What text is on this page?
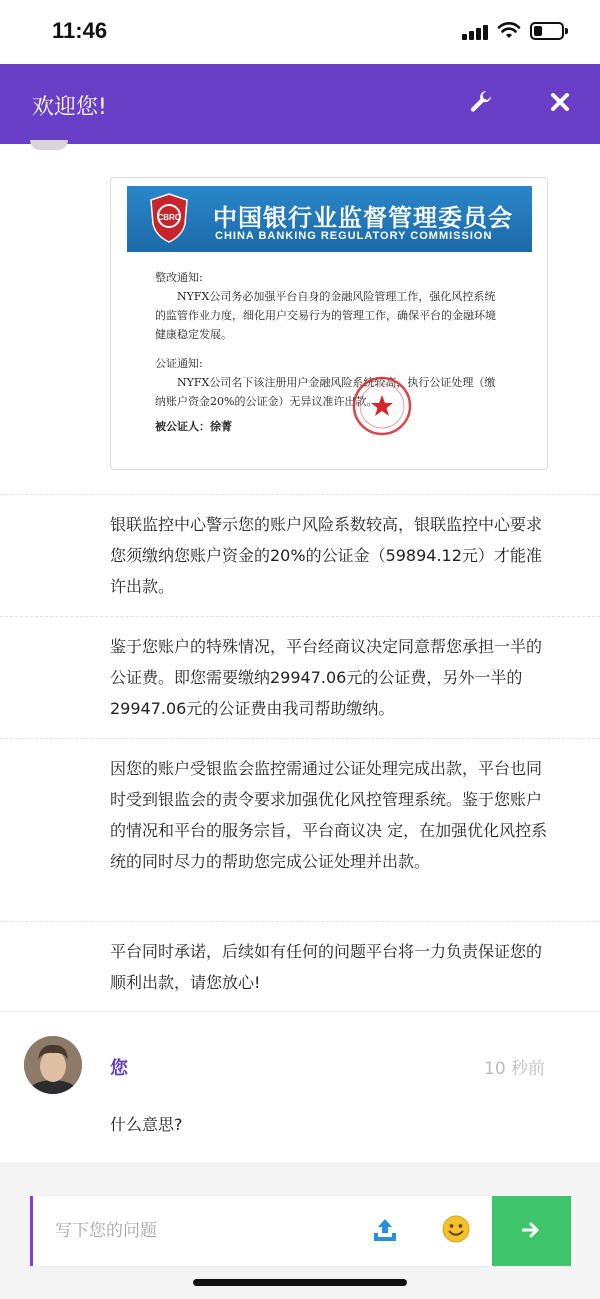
11:46
欢迎您!
CBRC 中国银行业监督管理委员会
CHINA BANKING REGULATORY COMMISSION
整改通知:
NYFX公司务必加强平台自身的金融风险管理工作，强化风控系统的监管作业力度，细化用户交易行为的管理工作，确保平台的金融环境健康稳定发展。
公证通知:
NYFX公司名下该注册用户金融风险系统较高，执行公证处理（缴纳账户资金20%的公证金）无异议准许出款。
被公证人：徐菁
银联监控中心警示您的账户风险系数较高，银联监控中心要求您须缴纳您账户资金的20%的公证金（59894.12元）才能准许出款。
鉴于您账户的特殊情况，平台经商议决定同意帮您承担一半的公证费。即您需要缴纳29947.06元的公证费，另外一半的29947.06元的公证费由我司帮助缴纳。
因您的账户受银监会监控需通过公证处理完成出款，平台也同时受到银监会的责令要求加强优化风控管理系统。鉴于您账户的情况和平台的服务宗旨，平台商议决 定，在加强优化风控系统的同时尽力的帮助您完成公证处理并出款。
平台同时承诺，后续如有任何的问题平台将一力负责保证您的顺利出款，请您放心!
您	10 秒前
什么意思?
写下您的问题
